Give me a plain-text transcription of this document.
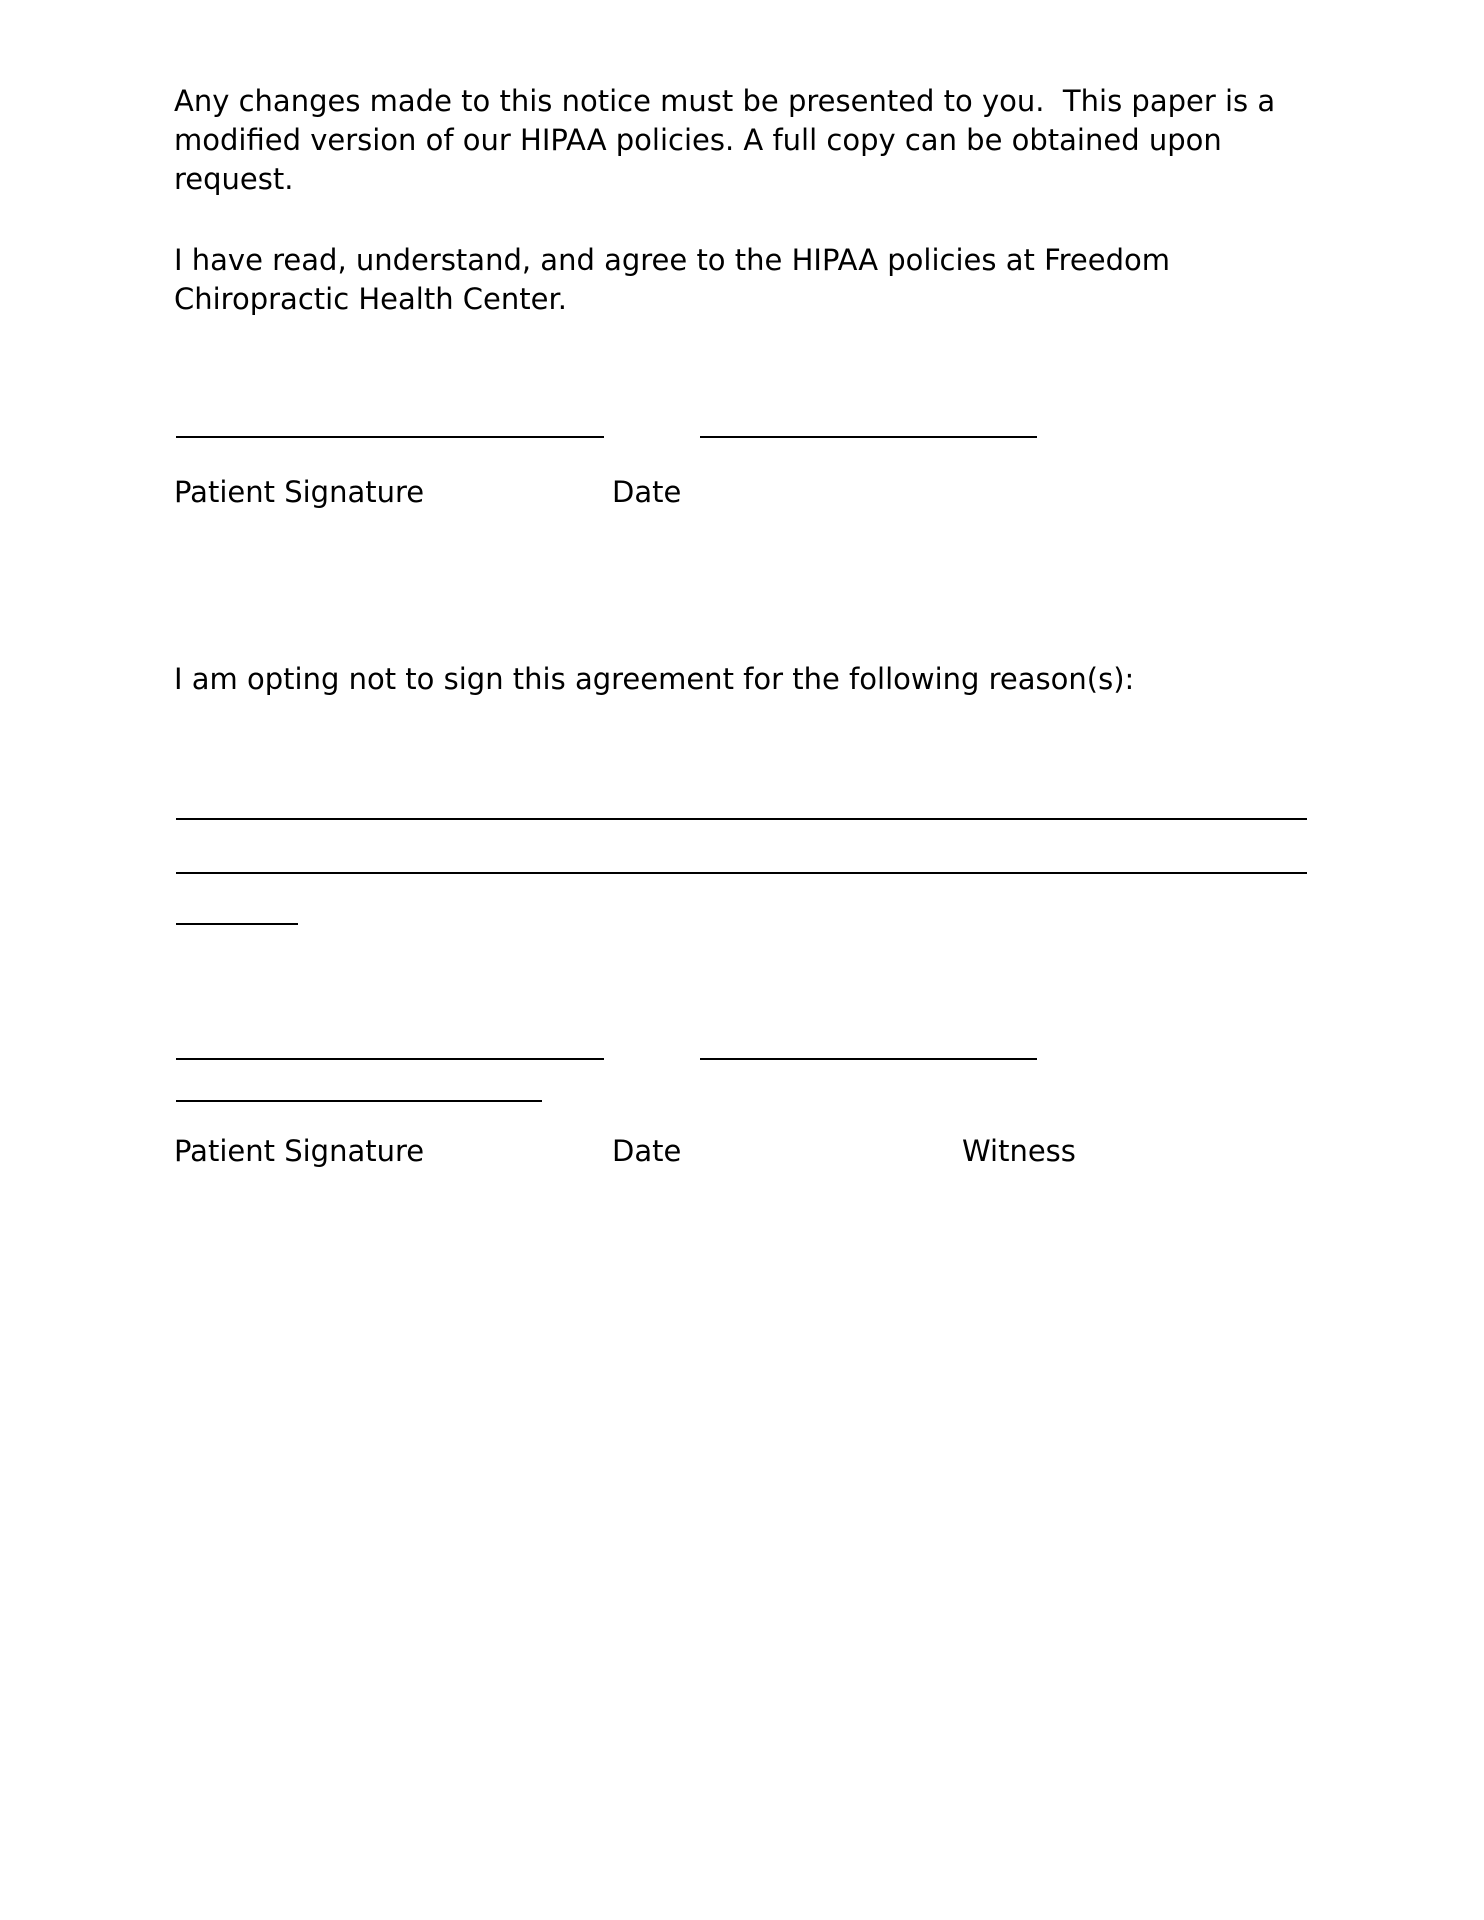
Any changes made to this notice must be presented to you.  This paper is a modified version of our HIPAA policies. A full copy can be obtained upon request.

I have read, understand, and agree to the HIPAA policies at Freedom Chiropractic Health Center.

Patient Signature	Date

I am opting not to sign this agreement for the following reason(s):

Patient Signature	Date	Witness
